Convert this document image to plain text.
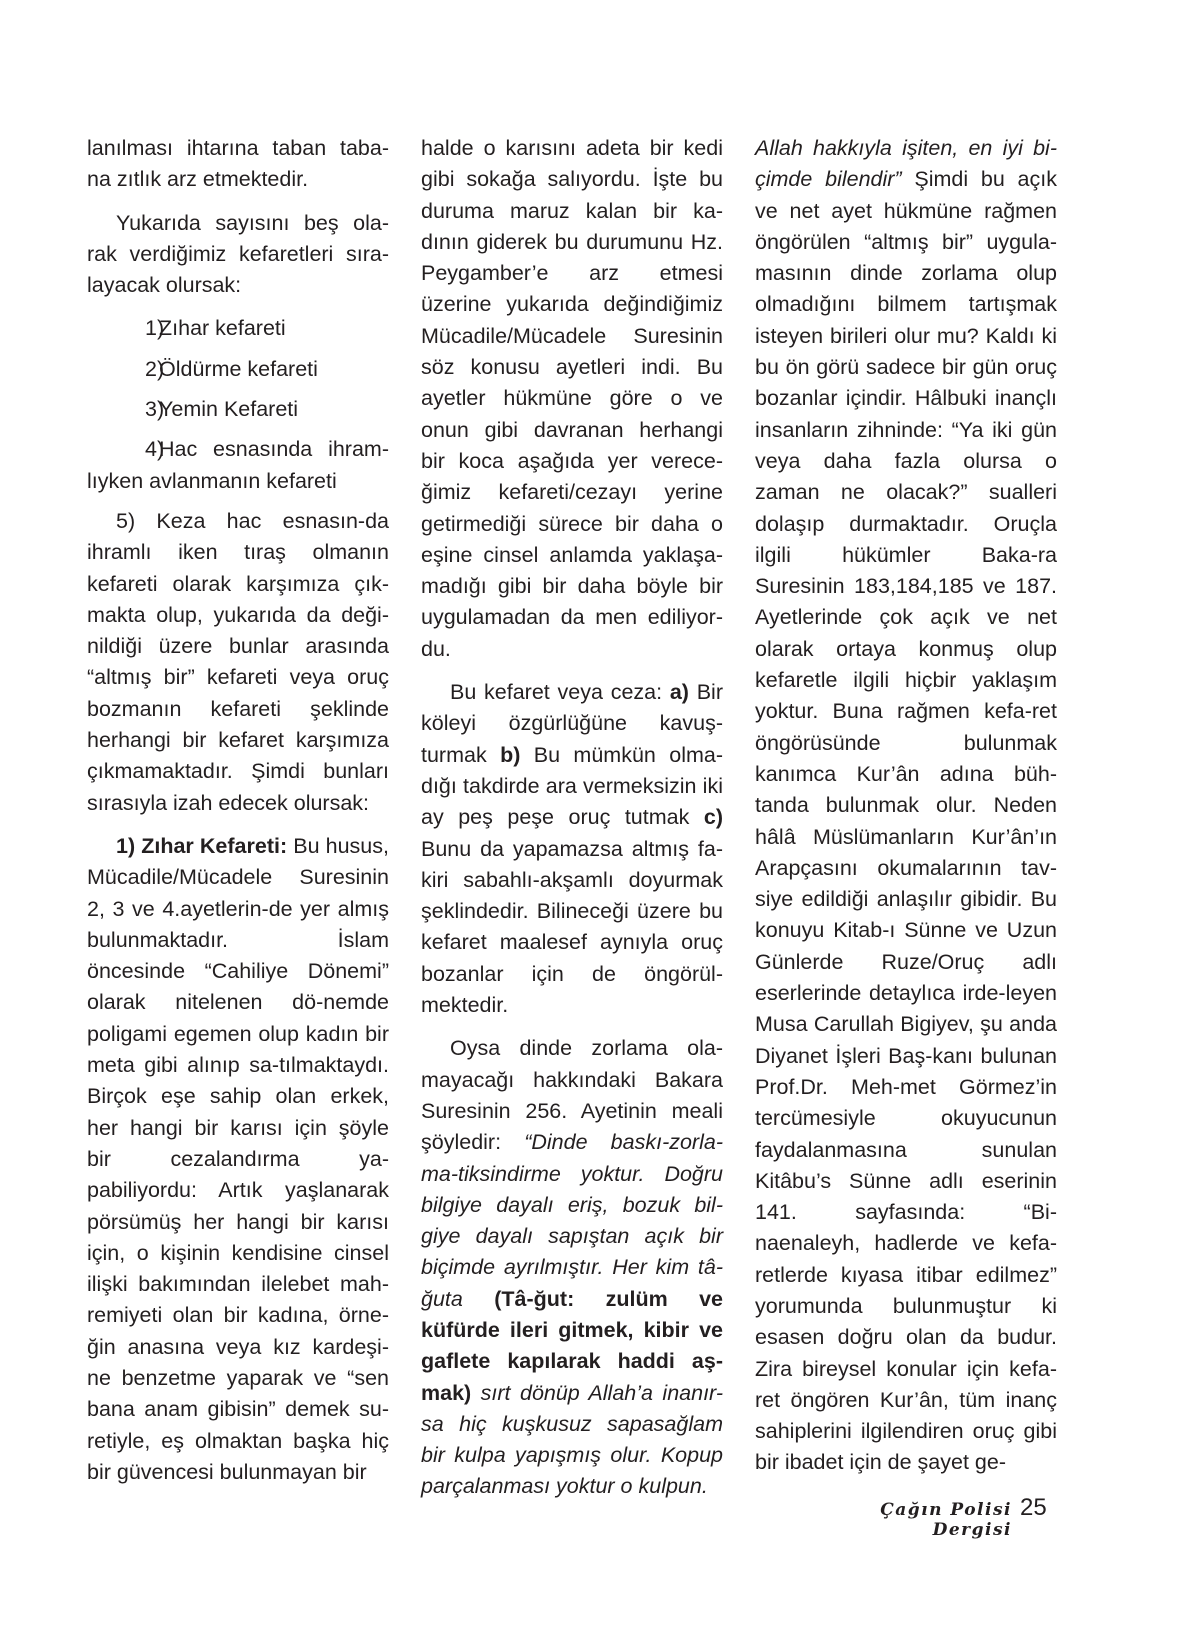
lanılması ihtarına taban taba-na zıtlık arz etmektedir.

Yukarıda sayısını beş ola-rak verdiğimiz kefaretleri sıra-layacak olursak:

1)Zıhar kefareti

2)Öldürme kefareti

3)Yemin Kefareti

4)Hac esnasında ihram-lıyken avlanmanın kefareti

5) Keza hac esnasın-da ihramlı iken tıraş olmanın kefareti olarak karşımıza çık-makta olup, yukarıda da deği-nildiği üzere bunlar arasında “altmış bir” kefareti veya oruç bozmanın kefareti şeklinde herhangi bir kefaret karşımıza çıkmamaktadır. Şimdi bunları sırasıyla izah edecek olursak:

1) Zıhar Kefareti: Bu husus, Mücadile/Mücadele Suresinin 2, 3 ve 4.ayetlerin-de yer almış bulunmaktadır. İslam öncesinde “Cahiliye Dönemi” olarak nitelenen dö-nemde poligami egemen olup kadın bir meta gibi alınıp sa-tılmaktaydı. Birçok eşe sahip olan erkek, her hangi bir karısı için şöyle bir cezalandırma ya-pabiliyordu: Artık yaşlanarak pörsümüş her hangi bir karısı için, o kişinin kendisine cinsel ilişki bakımından ilelebet mah-remiyeti olan bir kadına, örne-ğin anasına veya kız kardeşi-ne benzetme yaparak ve “sen bana anam gibisin” demek su-retiyle, eş olmaktan başka hiç bir güvencesi bulunmayan bir

halde o karısını adeta bir kedi gibi sokağa salıyordu. İşte bu duruma maruz kalan bir ka-dının giderek bu durumunu Hz. Peygamber’e arz etmesi üzerine yukarıda değindiğimiz Mücadile/Mücadele Suresinin söz konusu ayetleri indi. Bu ayetler hükmüne göre o ve onun gibi davranan herhangi bir koca aşağıda yer verece-ğimiz kefareti/cezayı yerine getirmediği sürece bir daha o eşine cinsel anlamda yaklaşa-madığı gibi bir daha böyle bir uygulamadan da men ediliyor-du.

Bu kefaret veya ceza: a) Bir köleyi özgürlüğüne kavuş-turmak b) Bu mümkün olma-dığı takdirde ara vermeksizin iki ay peş peşe oruç tutmak c) Bunu da yapamazsa altmış fa-kiri sabahlı-akşamlı doyurmak şeklindedir. Bilineceği üzere bu kefaret maalesef aynıyla oruç bozanlar için de öngörül-mektedir.

Oysa dinde zorlama ola-mayacağı hakkındaki Bakara Suresinin 256. Ayetinin meali şöyledir: “Dinde baskı-zorla-ma-tiksindirme yoktur. Doğru bilgiye dayalı eriş, bozuk bil-giye dayalı sapıştan açık bir biçimde ayrılmıştır. Her kim tâ-ğuta (Tâ-ğut: zulüm ve küfürde ileri gitmek, kibir ve gaflete kapılarak haddi aş-mak) sırt dönüp Allah’a inanır-sa hiç kuşkusuz sapasağlam bir kulpa yapışmış olur. Kopup parçalanması yoktur o kulpun.

Allah hakkıyla işiten, en iyi bi-çimde bilendir” Şimdi bu açık ve net ayet hükmüne rağmen öngörülen “altmış bir” uygula-masının dinde zorlama olup olmadığını bilmem tartışmak isteyen birileri olur mu? Kaldı ki bu ön görü sadece bir gün oruç bozanlar içindir. Hâlbuki inançlı insanların zihninde: “Ya iki gün veya daha fazla olursa o zaman ne olacak?” sualleri dolaşıp durmaktadır. Oruçla ilgili hükümler Baka-ra Suresinin 183,184,185 ve 187. Ayetlerinde çok açık ve net olarak ortaya konmuş olup kefaretle ilgili hiçbir yaklaşım yoktur. Buna rağmen kefa-ret öngörüsünde bulunmak kanımca Kur’ân adına büh-tanda bulunmak olur. Neden hâlâ Müslümanların Kur’ân’ın Arapçasını okumalarının tav-siye edildiği anlaşılır gibidir. Bu konuyu Kitab-ı Sünne ve Uzun Günlerde Ruze/Oruç adlı eserlerinde detaylıca irde-leyen Musa Carullah Bigiyev, şu anda Diyanet İşleri Baş-kanı bulunan Prof.Dr. Meh-met Görmez’in tercümesiyle okuyucunun faydalanmasına sunulan Kitâbu’s Sünne adlı eserinin 141. sayfasında: “Bi-naenaleyh, hadlerde ve kefa-retlerde kıyasa itibar edilmez” yorumunda bulunmuştur ki esasen doğru olan da budur. Zira bireysel konular için kefa-ret öngören Kur’ân, tüm inanç sahiplerini ilgilendiren oruç gibi bir ibadet için de şayet ge-

Çağın Polisi Dergisi
25
